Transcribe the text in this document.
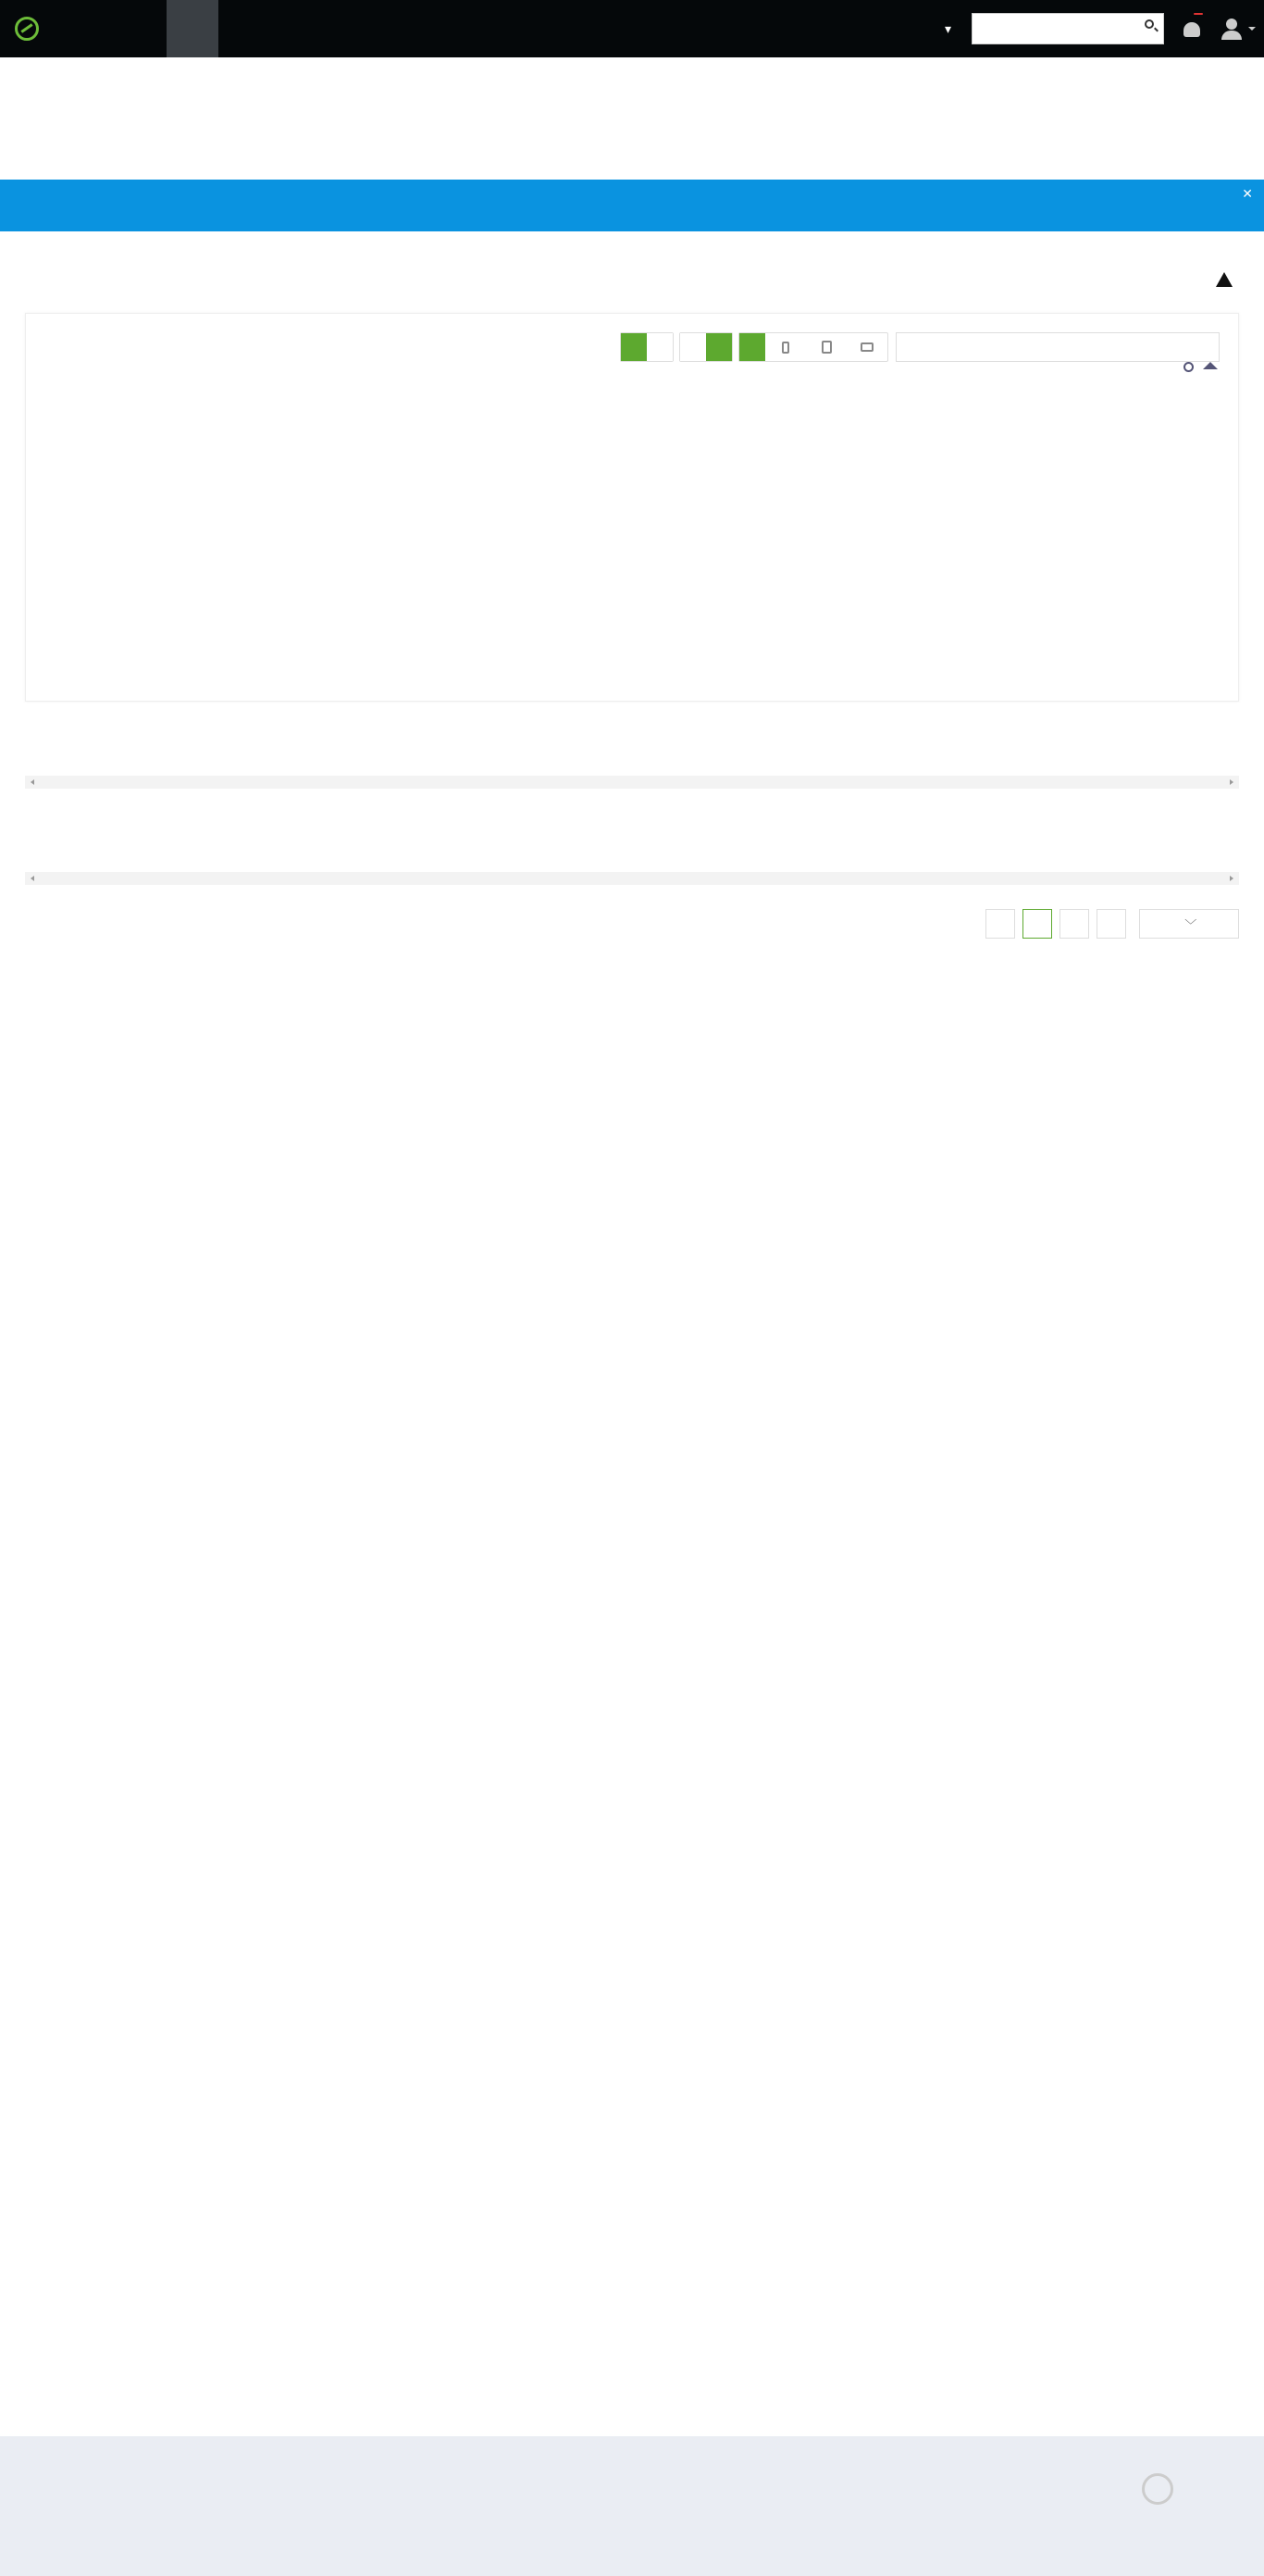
▾
✕
﹀
